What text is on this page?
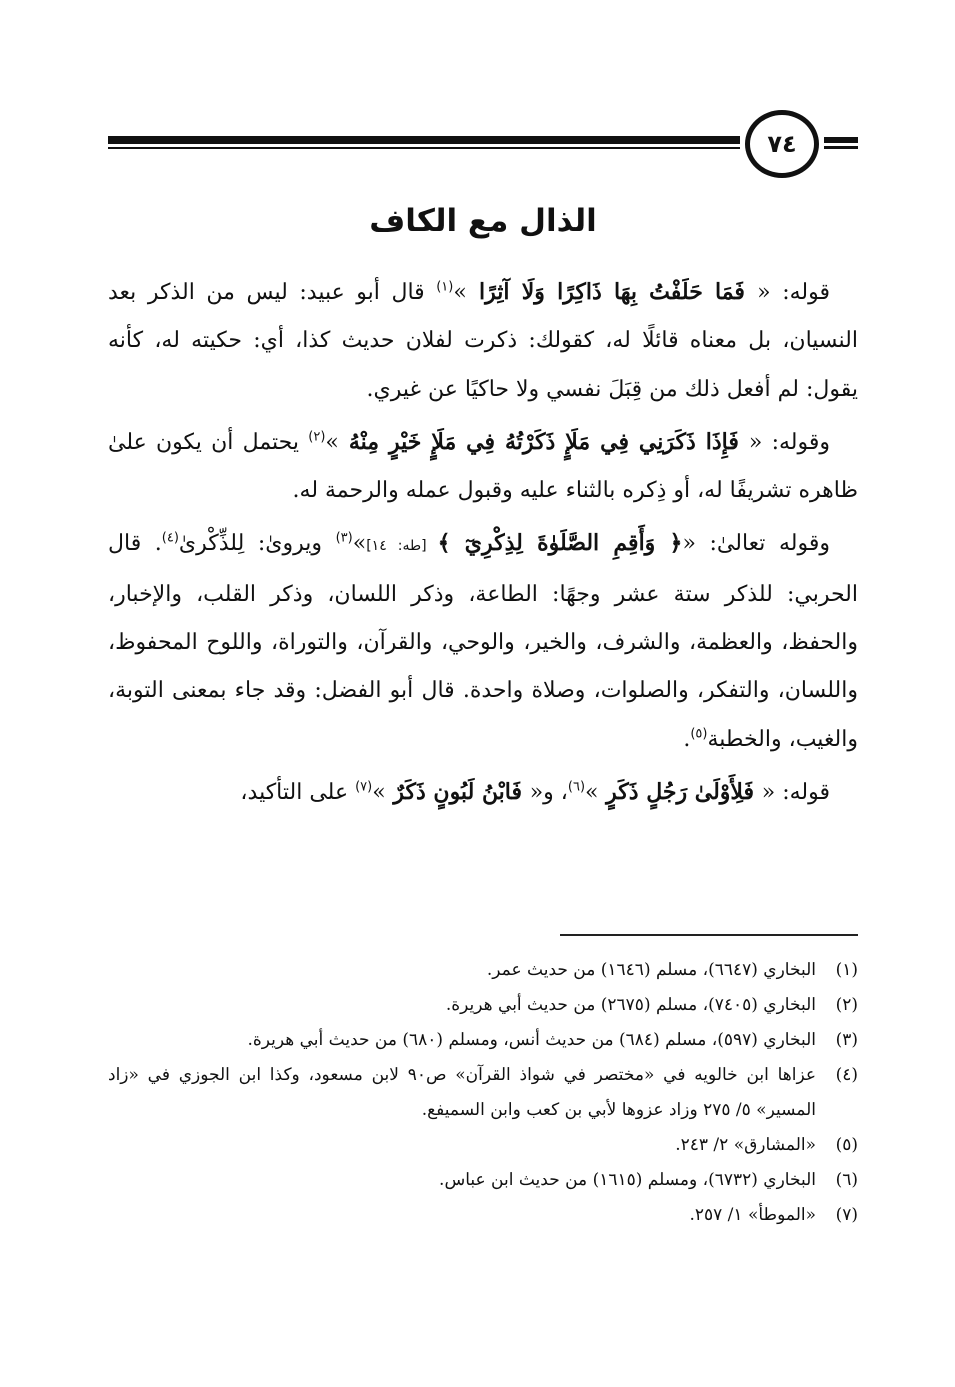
٧٤
الذال مع الكاف

قوله: « فَمَا حَلَفْتُ بِهَا ذَاكِرًا وَلَا آثِرًا »$^{(١)}$ قال أبو عبيد: ليس من الذكر بعد النسيان، بل معناه قائلًا له، كقولك: ذكرت لفلان حديث كذا، أي: حكيته له، كأنه يقول: لم أفعل ذلك من قِبَلَ نفسي ولا حاكيًا عن غيري.

وقوله: « فَإِذَا ذَكَرَنِي فِي مَلَإٍ ذَكَرْتُهُ فِي مَلَإٍ خَيْرٍ مِنْهُ »$^{(٢)}$ يحتمل أن يكون علىٰ ظاهره تشريفًا له، أو ذِكره بالثناء عليه وقبول عمله والرحمة له.

وقوله تعالىٰ: «﴿ وَأَقِمِ الصَّلَوٰةَ لِذِكْرِيٓ ﴾ [طه: ١٤]»$^{(٣)}$ ويروىٰ: لِلذِّكْرىٰ$^{(٤)}$. قال الحربي: للذكر ستة عشر وجهًا: الطاعة، وذكر اللسان، وذكر القلب، والإخبار، والحفظ، والعظمة، والشرف، والخير، والوحي، والقرآن، والتوراة، واللوح المحفوظ، واللسان، والتفكر، والصلوات، وصلاة واحدة. قال أبو الفضل: وقد جاء بمعنى التوبة، والغيب، والخطبة$^{(٥)}$.

قوله: « فَلِأَوْلَىٰ رَجُلٍ ذَكَرٍ »$^{(٦)}$، و« فَابْنُ لَبُونٍ ذَكَرٌ »$^{(٧)}$ على التأكيد،

(١)
البخاري (٦٦٤٧)، مسلم (١٦٤٦) من حديث عمر.
(٢)
البخاري (٧٤٠٥)، مسلم (٢٦٧٥) من حديث أبي هريرة.
(٣)
البخاري (٥٩٧)، مسلم (٦٨٤) من حديث أنس، ومسلم (٦٨٠) من حديث أبي هريرة.
(٤)
عزاها ابن خالويه في «مختصر في شواذ القرآن» ص٩٠ لابن مسعود، وكذا ابن الجوزي في «زاد المسير» ٥/ ٢٧٥ وزاد عزوها لأبي بن كعب وابن السميفع.
(٥)
«المشارق» ٢/ ٢٤٣.
(٦)
البخاري (٦٧٣٢)، ومسلم (١٦١٥) من حديث ابن عباس.
(٧)
«الموطأ» ١/ ٢٥٧.
